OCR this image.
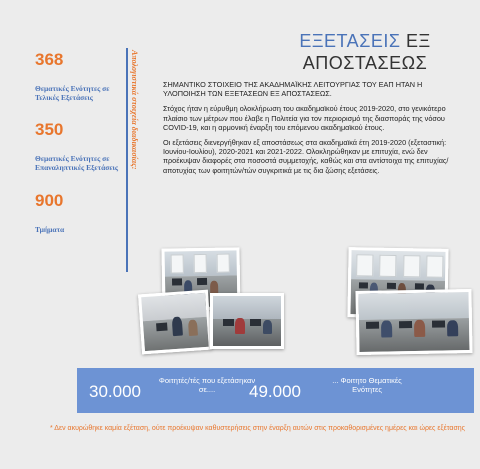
368
Θεματικές Ενότητες σε Τελικές Εξετάσεις
350
Θεματικές Ενότητες σε Επαναληπτικές Εξετάσεις
900
Τμήματα
Απολογιστικά στοιχεία διαδικασίας:
ΕΞΕΤΑΣΕΙΣ ΕΞ
ΑΠΟΣΤΑΣΕΩΣ

ΣΗΜΑΝΤΙΚΟ ΣΤΟΙΧΕΙΟ ΤΗΣ ΑΚΑΔΗΜΑΪΚΗΣ ΛΕΙΤΟΥΡΓΙΑΣ ΤΟΥ ΕΑΠ ΗΤΑΝ Η ΥΛΟΠΟΙΗΣΗ ΤΩΝ ΕΞΕΤΑΣΕΩΝ ΕΞ ΑΠΟΣΤΑΣΕΩΣ.

Στόχος ήταν η εύρυθμη ολοκλήρωση του ακαδημαϊκού έτους 2019-2020, στο γενικότερο πλαίσιο των μέτρων που έλαβε η Πολιτεία για τον περιορισμό της διασποράς της νόσου COVID-19, και η αρμονική έναρξη του επόμενου ακαδημαϊκού έτους.

Οι εξετάσεις διενεργήθηκαν εξ αποστάσεως στα ακαδημαϊκά έτη 2019-2020 (εξεταστική: Ιουνίου-Ιουλίου), 2020-2021 και 2021-2022. Ολοκληρώθηκαν με επιτυχία, ενώ δεν προέκυψαν διαφορές στα ποσοστά συμμετοχής, καθώς και στα αντίστοιχα της επιτυχίας/αποτυχίας των φοιτητών/τών συγκριτικά με τις δια ζώσης εξετάσεις.

30.000
Φοιτητές/τές που εξετάσηκαν σε....	49.000
... Φοιτητο Θεματικές Ενότητες
* Δεν ακυρώθηκε καμία εξέταση, ούτε προέκυψαν καθυστερήσεις στην έναρξη αυτών στις προκαθορισμένες ημέρες και ώρες εξέτασης
